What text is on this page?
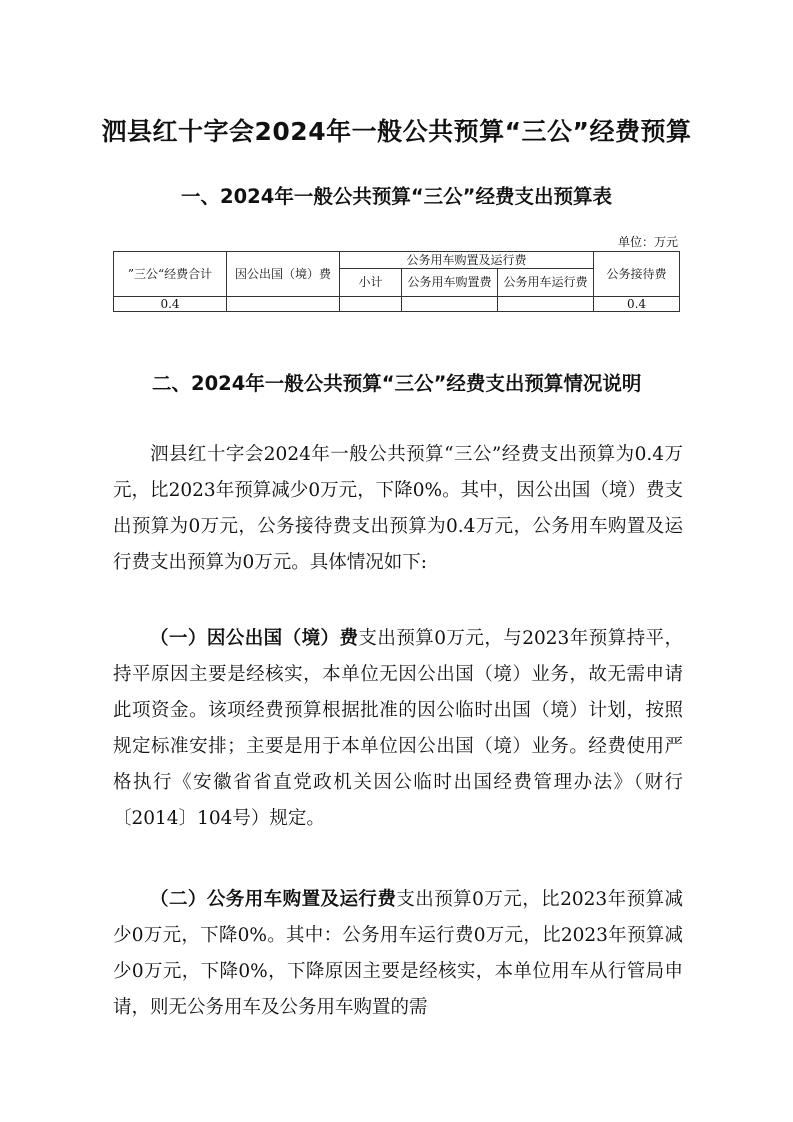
泗县红十字会2024年一般公共预算“三公”经费预算
一、2024年一般公共预算“三公”经费支出预算表
单位：万元
”三公“经费合计	因公出国（境）费	公务用车购置及运行费			公务接待费
		小计	公务用车购置费	公务用车运行费	
0.4					0.4
二、2024年一般公共预算“三公”经费支出预算情况说明

泗县红十字会2024年一般公共预算“三公”经费支出预算为0.4万元，比2023年预算减少0万元，下降0%。其中，因公出国（境）费支出预算为0万元，公务接待费支出预算为0.4万元，公务用车购置及运行费支出预算为0万元。具体情况如下:

（一）因公出国（境）费支出预算0万元，与2023年预算持平，持平原因主要是经核实，本单位无因公出国（境）业务，故无需申请此项资金。该项经费预算根据批准的因公临时出国（境）计划，按照规定标准安排；主要是用于本单位因公出国（境）业务。经费使用严格执行《安徽省省直党政机关因公临时出国经费管理办法》（财行〔2014〕104号）规定。

（二）公务用车购置及运行费支出预算0万元，比2023年预算减少0万元，下降0%。其中：公务用车运行费0万元，比2023年预算减少0万元，下降0%，下降原因主要是经核实，本单位用车从行管局申请，则无公务用车及公务用车购置的需
